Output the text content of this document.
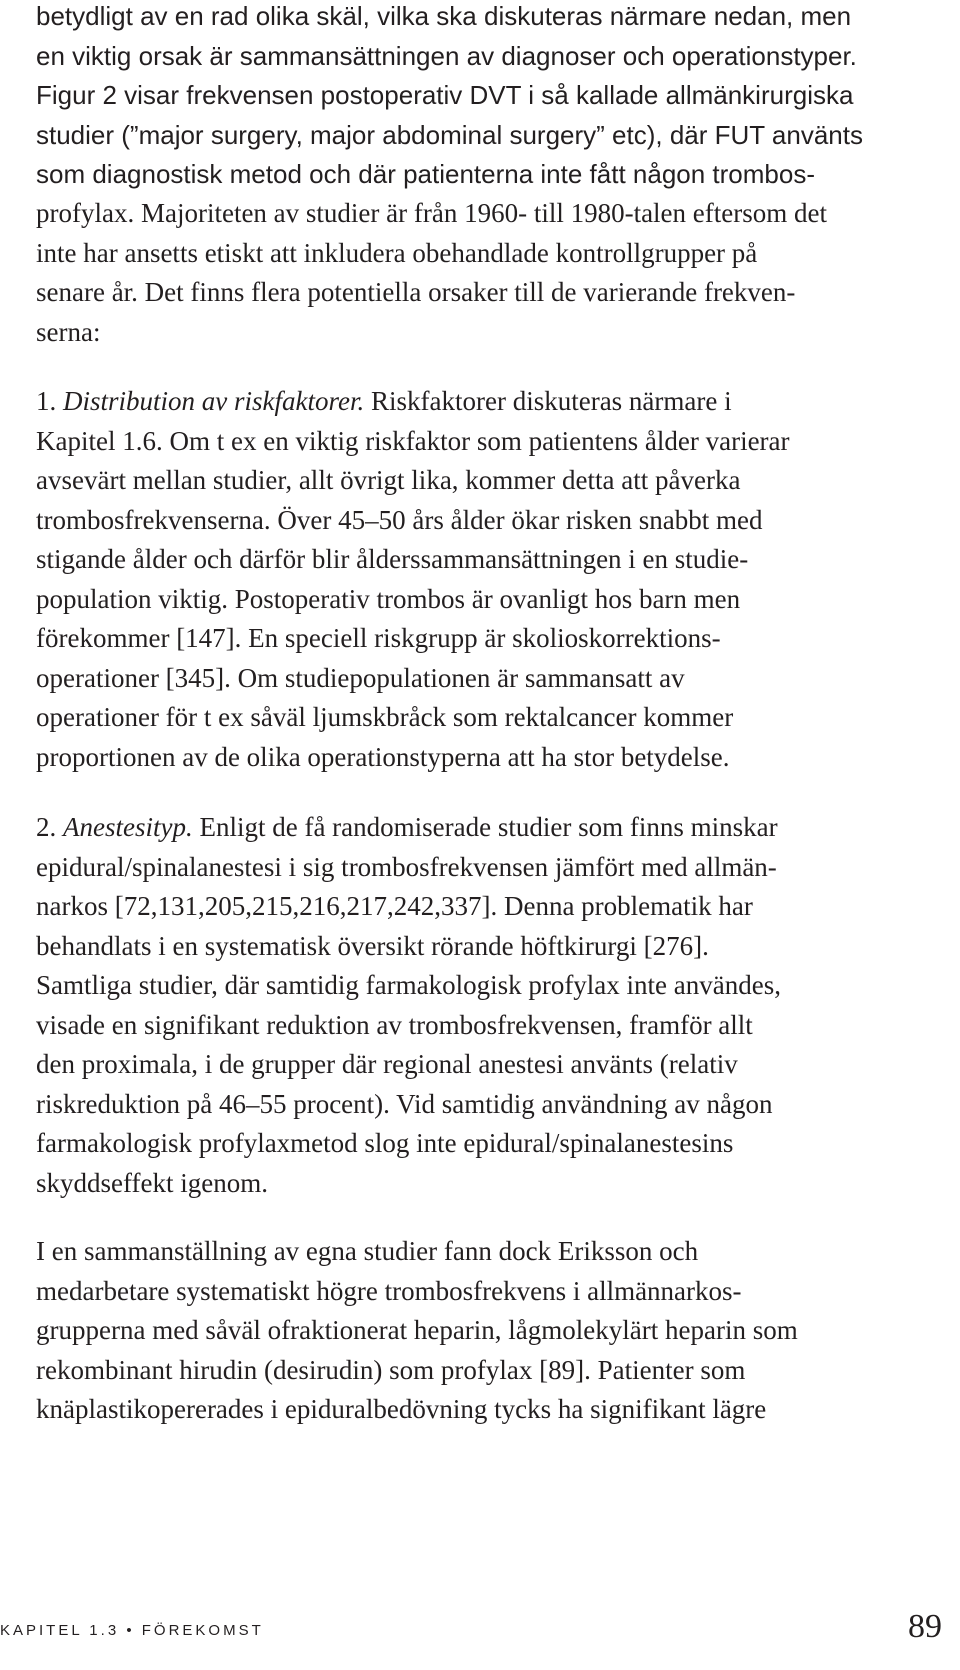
betydligt av en rad olika skäl, vilka ska diskuteras närmare nedan, men
en viktig orsak är sammansättningen av diagnoser och operationstyper.
Figur 2 visar frekvensen postoperativ DVT i så kallade allmänkirurgiska
studier (”major surgery, major abdominal surgery” etc), där FUT använts
som diagnostisk metod och där patienterna inte fått någon trombos-

profylax. Majoriteten av studier är från 1960- till 1980-talen eftersom det
inte har ansetts etiskt att inkludera obehandlade kontrollgrupper på
senare år. Det finns flera potentiella orsaker till de varierande frekven-
serna:

1. Distribution av riskfaktorer. Riskfaktorer diskuteras närmare i
Kapitel 1.6. Om t ex en viktig riskfaktor som patientens ålder varierar
avsevärt mellan studier, allt övrigt lika, kommer detta att påverka
trombosfrekvenserna. Över 45–50 års ålder ökar risken snabbt med
stigande ålder och därför blir ålderssammansättningen i en studie-
population viktig. Postoperativ trombos är ovanligt hos barn men
förekommer [147]. En speciell riskgrupp är skolioskorrektions-
operationer [345]. Om studiepopulationen är sammansatt av
operationer för t ex såväl ljumskbråck som rektalcancer kommer
proportionen av de olika operationstyperna att ha stor betydelse.

2. Anestesityp. Enligt de få randomiserade studier som finns minskar
epidural/spinalanestesi i sig trombosfrekvensen jämfört med allmän-
narkos [72,131,205,215,216,217,242,337]. Denna problematik har
behandlats i en systematisk översikt rörande höftkirurgi [276].
Samtliga studier, där samtidig farmakologisk profylax inte användes,
visade en signifikant reduktion av trombosfrekvensen, framför allt
den proximala, i de grupper där regional anestesi använts (relativ
riskreduktion på 46–55 procent). Vid samtidig användning av någon
farmakologisk profylaxmetod slog inte epidural/spinalanestesins
skyddseffekt igenom.

I en sammanställning av egna studier fann dock Eriksson och
medarbetare systematiskt högre trombosfrekvens i allmännarkos-
grupperna med såväl ofraktionerat heparin, lågmolekylärt heparin som
rekombinant hirudin (desirudin) som profylax [89]. Patienter som
knäplastikopererades i epiduralbedövning tycks ha signifikant lägre

KAPITEL 1.3 • FÖREKOMST	89
